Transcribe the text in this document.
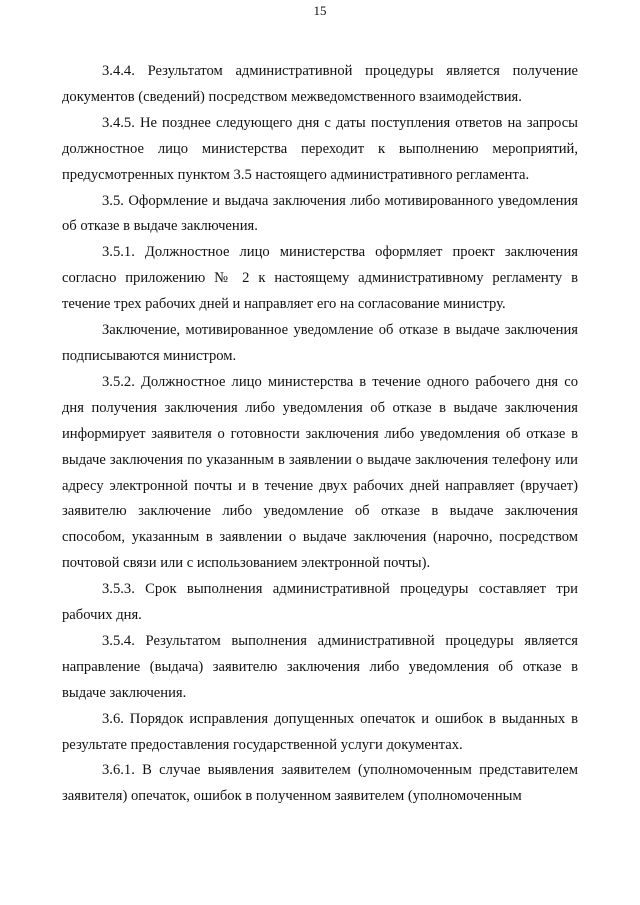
15

3.4.4. Результатом административной процедуры является получение документов (сведений) посредством межведомственного взаимодействия.

3.4.5. Не позднее следующего дня с даты поступления ответов на запросы должностное лицо министерства переходит к выполнению мероприятий, предусмотренных пунктом 3.5 настоящего административного регламента.

3.5. Оформление и выдача заключения либо мотивированного уведомления об отказе в выдаче заключения.

3.5.1. Должностное лицо министерства оформляет проект заключения согласно приложению № 2 к настоящему административному регламенту в течение трех рабочих дней и направляет его на согласование министру.

Заключение, мотивированное уведомление об отказе в выдаче заключения подписываются министром.

3.5.2. Должностное лицо министерства в течение одного рабочего дня со дня получения заключения либо уведомления об отказе в выдаче заключения информирует заявителя о готовности заключения либо уведомления об отказе в выдаче заключения по указанным в заявлении о выдаче заключения телефону или адресу электронной почты и в течение двух рабочих дней направляет (вручает) заявителю заключение либо уведомление об отказе в выдаче заключения способом, указанным в заявлении о выдаче заключения (нарочно, посредством почтовой связи или с использованием электронной почты).

3.5.3. Срок выполнения административной процедуры составляет три рабочих дня.

3.5.4. Результатом выполнения административной процедуры является направление (выдача) заявителю заключения либо уведомления об отказе в выдаче заключения.

3.6. Порядок исправления допущенных опечаток и ошибок в выданных в результате предоставления государственной услуги документах.

3.6.1. В случае выявления заявителем (уполномоченным представителем заявителя) опечаток, ошибок в полученном заявителем (уполномоченным
